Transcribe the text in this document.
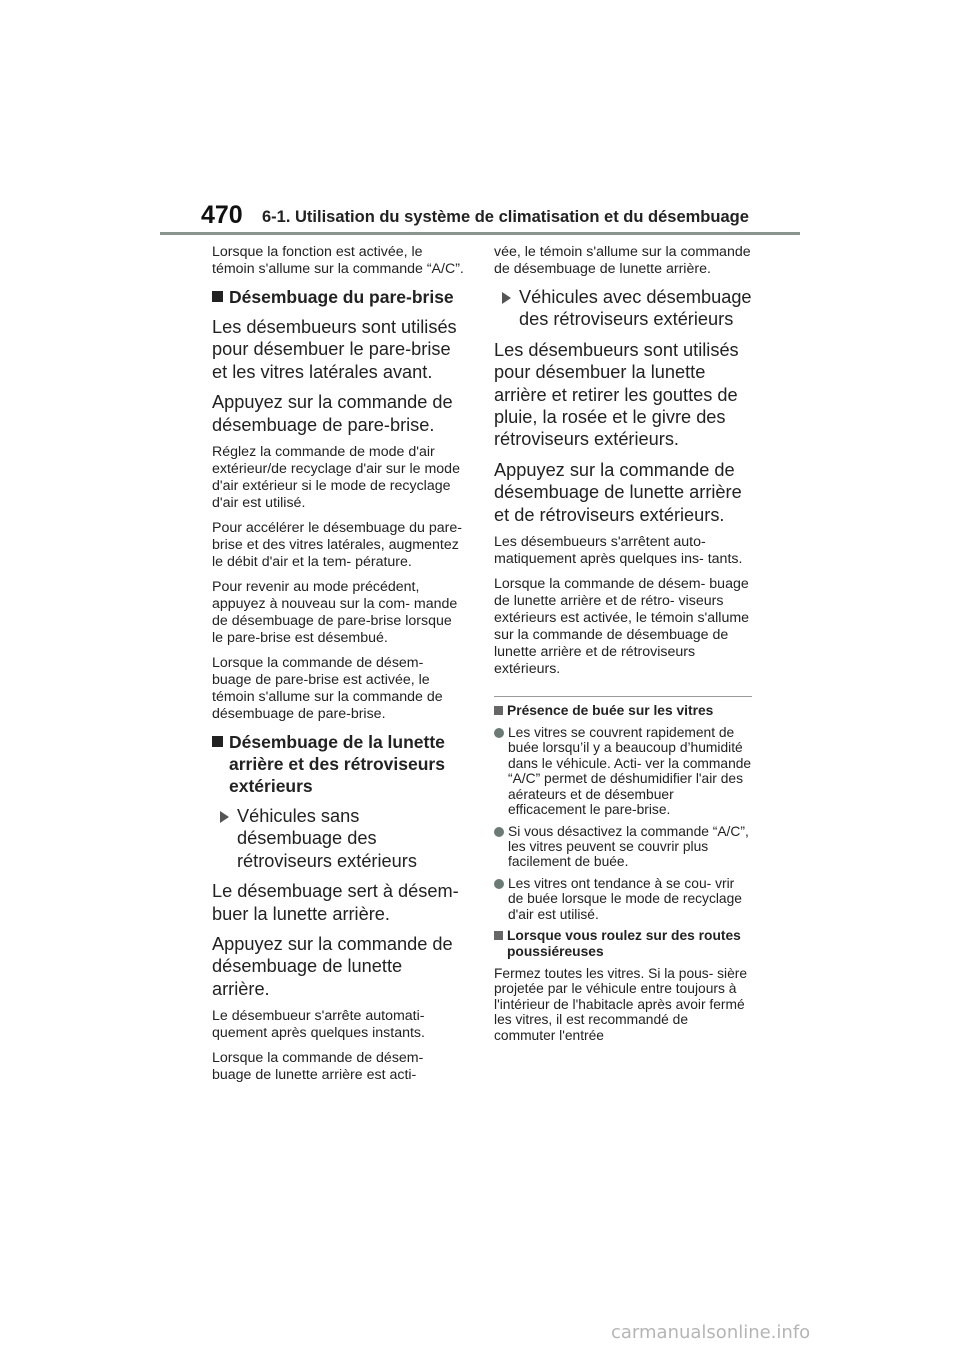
470 6-1. Utilisation du système de climatisation et du désembuage

Lorsque la fonction est activée, le témoin s'allume sur la commande “A/C”.

Désembuage du pare-brise

Les désembueurs sont utilisés pour désembuer le pare-brise et les vitres latérales avant.

Appuyez sur la commande de désembuage de pare-brise.

Réglez la commande de mode d'air extérieur/de recyclage d'air sur le mode d'air extérieur si le mode de recyclage d'air est utilisé.

Pour accélérer le désembuage du pare-brise et des vitres latérales, augmentez le débit d'air et la tem- pérature.

Pour revenir au mode précédent, appuyez à nouveau sur la com- mande de désembuage de pare-brise lorsque le pare-brise est désembué.

Lorsque la commande de désem- buage de pare-brise est activée, le témoin s'allume sur la commande de désembuage de pare-brise.

Désembuage de la lunette arrière et des rétroviseurs extérieurs
Véhicules sans désembuage des rétroviseurs extérieurs

Le désembuage sert à désem- buer la lunette arrière.

Appuyez sur la commande de désembuage de lunette arrière.

Le désembueur s'arrête automati- quement après quelques instants.

Lorsque la commande de désem- buage de lunette arrière est acti-

vée, le témoin s'allume sur la commande de désembuage de lunette arrière.

Véhicules avec désembuage des rétroviseurs extérieurs

Les désembueurs sont utilisés pour désembuer la lunette arrière et retirer les gouttes de pluie, la rosée et le givre des rétroviseurs extérieurs.

Appuyez sur la commande de désembuage de lunette arrière et de rétroviseurs extérieurs.

Les désembueurs s'arrêtent auto- matiquement après quelques ins- tants.

Lorsque la commande de désem- buage de lunette arrière et de rétro- viseurs extérieurs est activée, le témoin s'allume sur la commande de désembuage de lunette arrière et de rétroviseurs extérieurs.

Présence de buée sur les vitres
Les vitres se couvrent rapidement de buée lorsqu’il y a beaucoup d’humidité dans le véhicule. Acti- ver la commande “A/C” permet de déshumidifier l'air des aérateurs et de désembuer efficacement le pare-brise.
Si vous désactivez la commande “A/C”, les vitres peuvent se couvrir plus facilement de buée.
Les vitres ont tendance à se cou- vrir de buée lorsque le mode de recyclage d'air est utilisé.
Lorsque vous roulez sur des routes poussiéreuses

Fermez toutes les vitres. Si la pous- sière projetée par le véhicule entre toujours à l'intérieur de l'habitacle après avoir fermé les vitres, il est recommandé de commuter l'entrée

carmanualsonline.info
